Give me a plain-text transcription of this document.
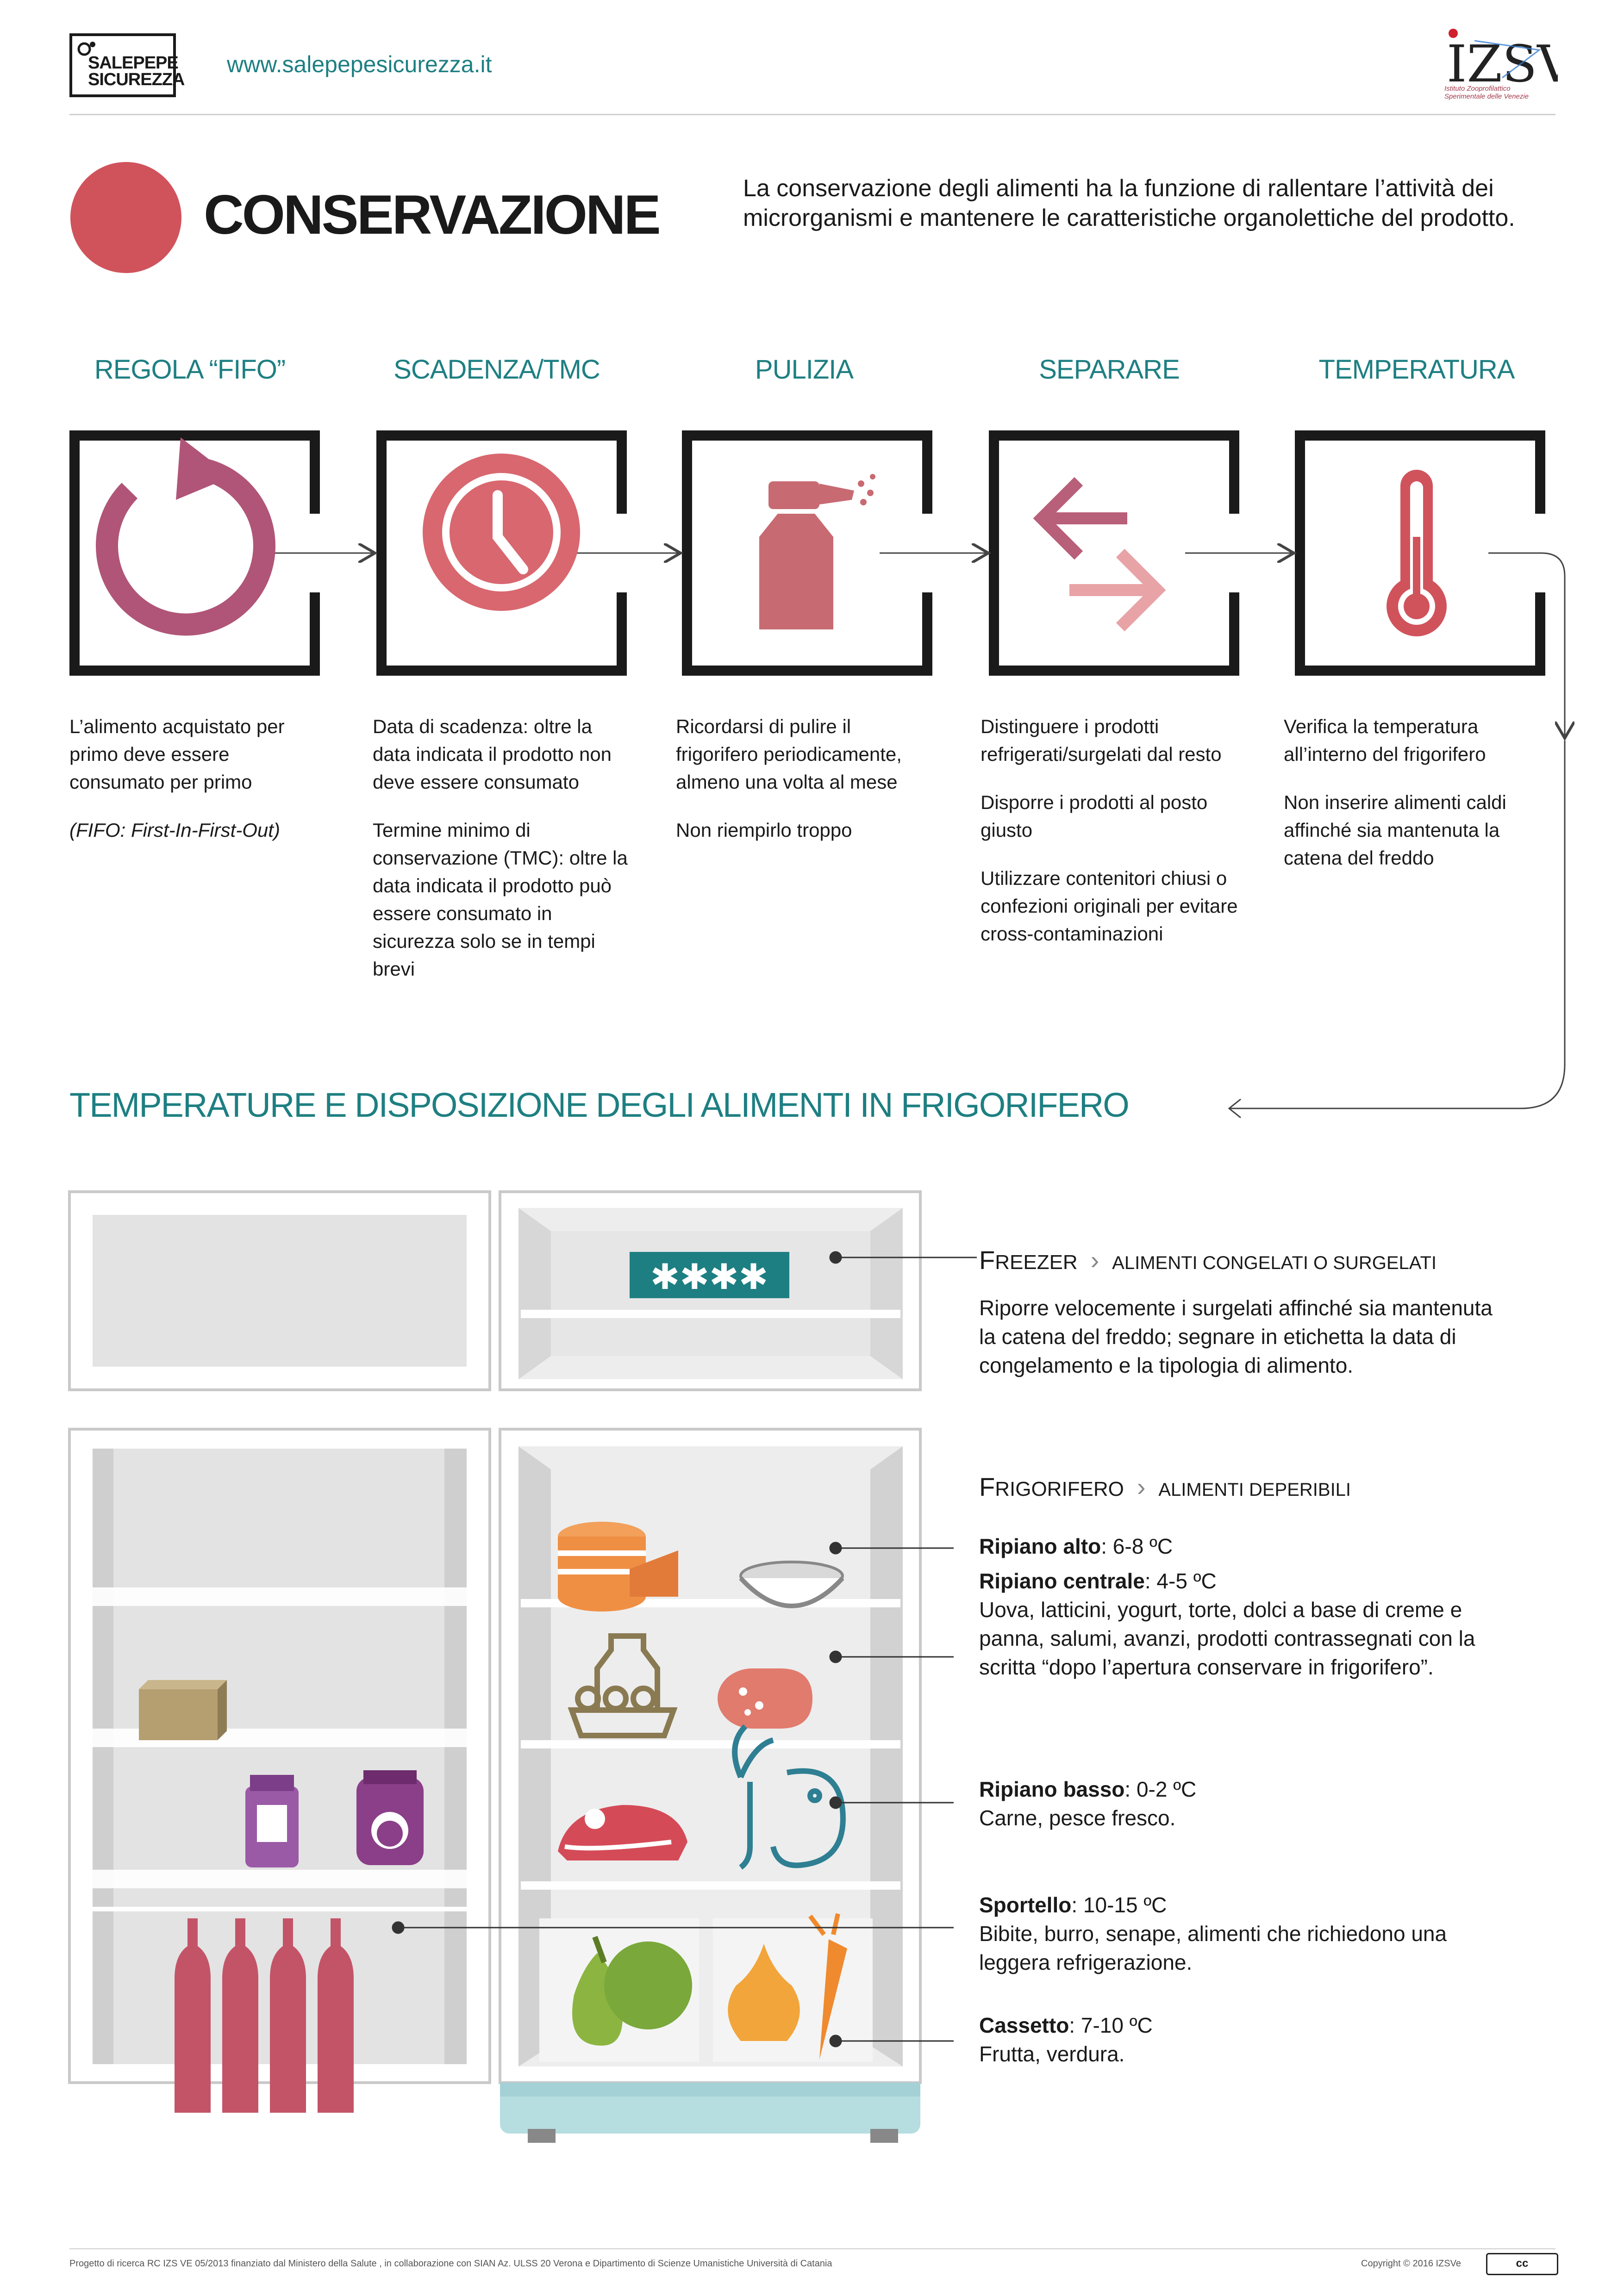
SALEPEPE
SICUREZZA
www.salepepesicurezza.it	IZSV
Istituto Zooprofilattico
Sperimentale delle Venezie
CONSERVAZIONE	La conservazione degli alimenti ha la funzione di rallentare l’attività dei microrganismi e mantenere le caratteristiche organolettiche del prodotto.
REGOLA “FIFO”	SCADENZA/TMC	PULIZIA	SEPARARE	TEMPERATURA

L’alimento acquistato per primo deve essere consumato per primo

(FIFO: First-In-First-Out)

Data di scadenza: oltre la data indicata il prodotto non deve essere consumato

Termine minimo di conservazione (TMC): oltre la data indicata il prodotto può essere consumato in sicurezza solo se in tempi brevi

Ricordarsi di pulire il frigorifero periodicamente, almeno una volta al mese

Non riempirlo troppo

Distinguere i prodotti refrigerati/surgelati dal resto

Disporre i prodotti al posto giusto

Utilizzare contenitori chiusi o confezioni originali per evitare cross-contaminazioni

Verifica la temperatura all’interno del frigorifero

Non inserire alimenti caldi affinché sia mantenuta la catena del freddo

TEMPERATURE E DISPOSIZIONE DEGLI ALIMENTI IN FRIGORIFERO
✱✱✱✱	FREEZER › ALIMENTI CONGELATI O SURGELATI
Riporre velocemente i surgelati affinché sia mantenuta la catena del freddo; segnare in etichetta la data di congelamento e la tipologia di alimento.
FRIGORIFERO › ALIMENTI DEPERIBILI
Ripiano alto: 6-8 ºC
Ripiano centrale: 4-5 ºC
Uova, latticini, yogurt, torte, dolci a base di creme e panna, salumi, avanzi, prodotti contrassegnati con la scritta “dopo l’apertura conservare in frigorifero”.
Ripiano basso: 0-2 ºC
Carne, pesce fresco.
Sportello: 10-15 ºC
Bibite, burro, senape, alimenti che richiedono una leggera refrigerazione.
Cassetto: 7-10 ºC
Frutta, verdura.
Progetto di ricerca RC IZS VE 05/2013 finanziato dal Ministero della Salute , in collaborazione con SIAN Az. ULSS 20 Verona e Dipartimento di Scienze Umanistiche Università di Catania	Copyright © 2016 IZSVe	cc
